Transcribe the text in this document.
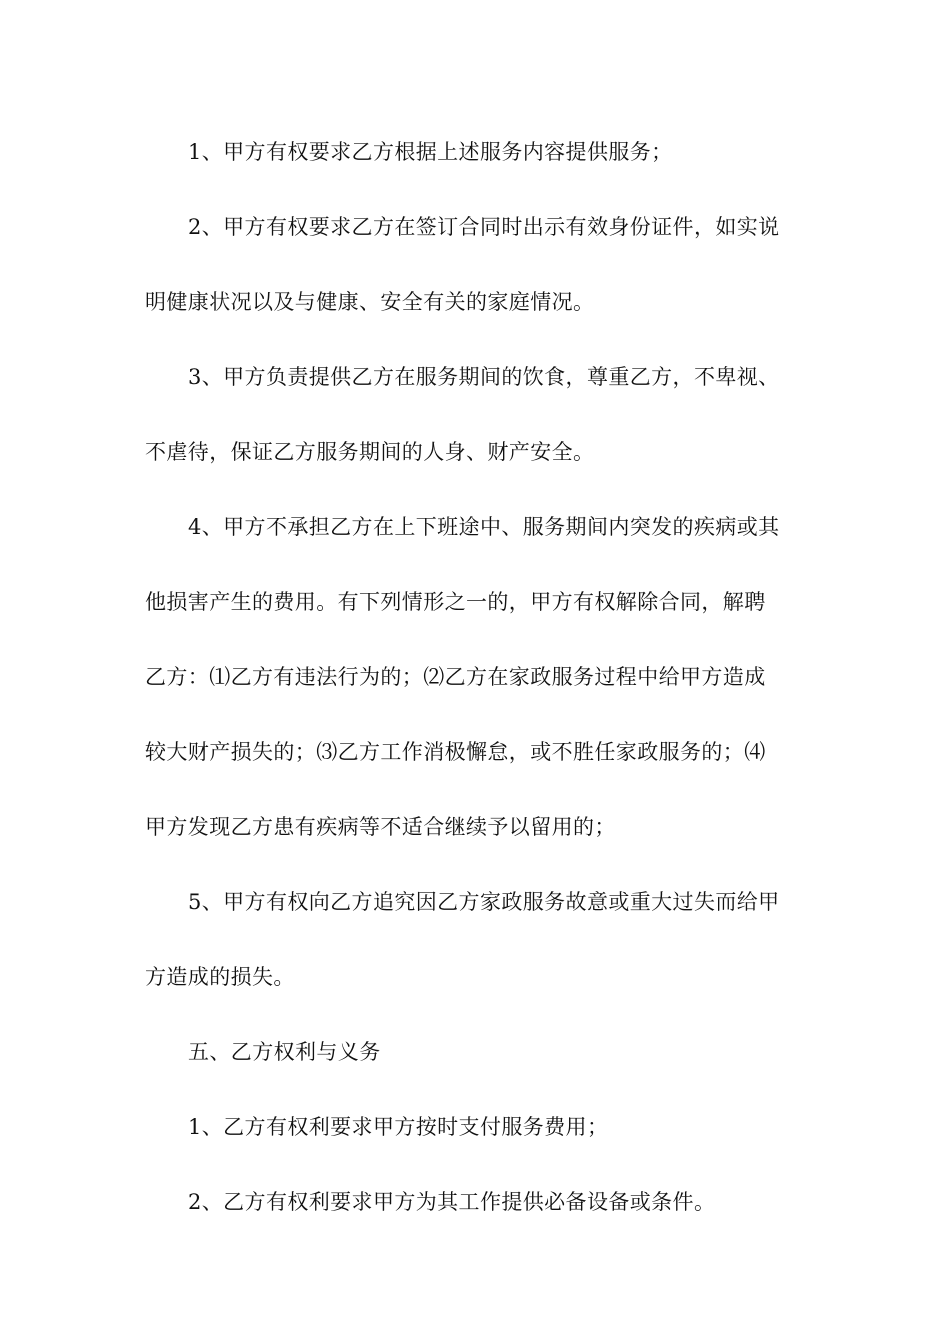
1、甲方有权要求乙方根据上述服务内容提供服务；

2、甲方有权要求乙方在签订合同时出示有效身份证件，如实说

明健康状况以及与健康、安全有关的家庭情况。

3、甲方负责提供乙方在服务期间的饮食，尊重乙方，不卑视、

不虐待，保证乙方服务期间的人身、财产安全。

4、甲方不承担乙方在上下班途中、服务期间内突发的疾病或其

他损害产生的费用。有下列情形之一的，甲方有权解除合同，解聘

乙方：⑴乙方有违法行为的；⑵乙方在家政服务过程中给甲方造成

较大财产损失的；⑶乙方工作消极懈怠，或不胜任家政服务的；⑷

甲方发现乙方患有疾病等不适合继续予以留用的；

5、甲方有权向乙方追究因乙方家政服务故意或重大过失而给甲

方造成的损失。

五、乙方权利与义务

1、乙方有权利要求甲方按时支付服务费用；

2、乙方有权利要求甲方为其工作提供必备设备或条件。
